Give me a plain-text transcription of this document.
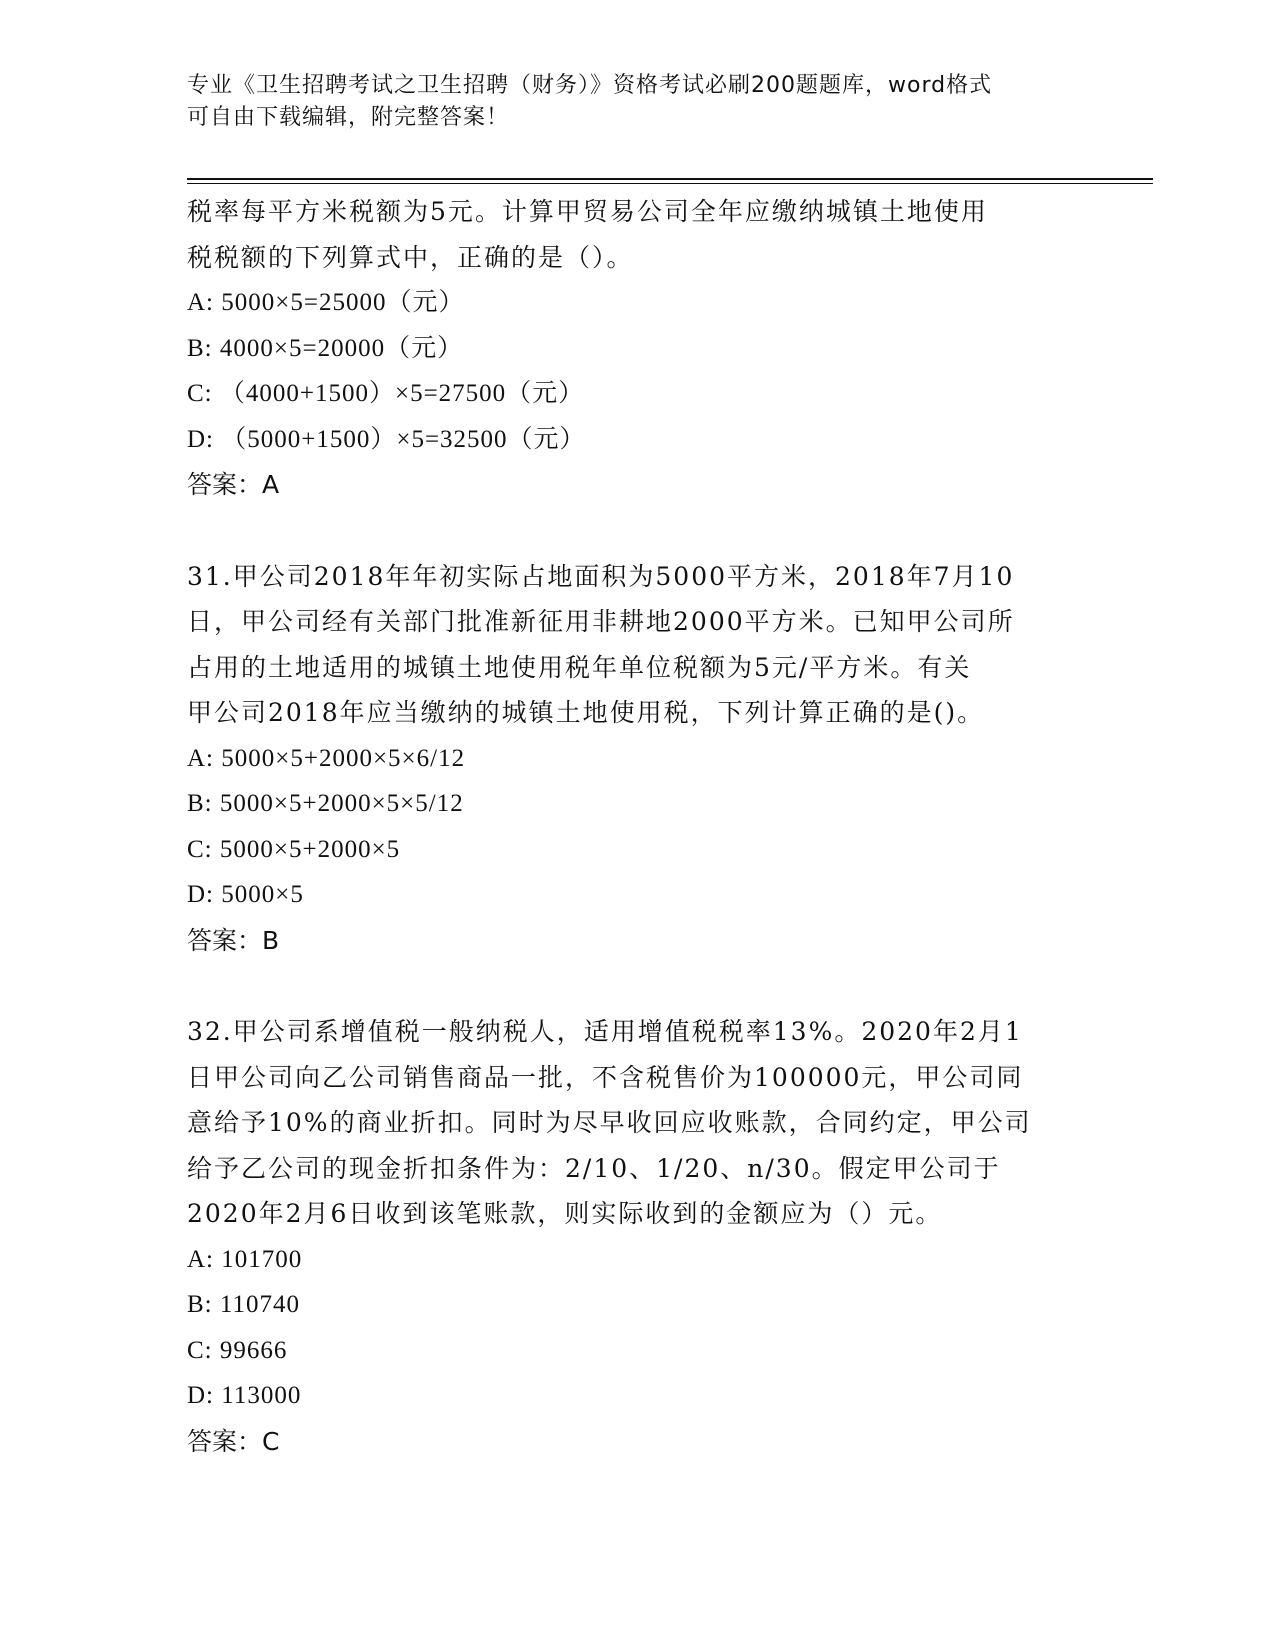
专业《卫生招聘考试之卫生招聘（财务）》资格考试必刷200题题库，word格式
可自由下载编辑，附完整答案！

税率每平方米税额为5元。计算甲贸易公司全年应缴纳城镇土地使用

税税额的下列算式中，正确的是（）。

A: 5000×5=25000（元）

B: 4000×5=20000（元）

C: （4000+1500）×5=27500（元）

D: （5000+1500）×5=32500（元）

答案：A

31.甲公司2018年年初实际占地面积为5000平方米，2018年7月10

日，甲公司经有关部门批准新征用非耕地2000平方米。已知甲公司所

占用的土地适用的城镇土地使用税年单位税额为5元/平方米。有关

甲公司2018年应当缴纳的城镇土地使用税，下列计算正确的是()。

A: 5000×5+2000×5×6/12

B: 5000×5+2000×5×5/12

C: 5000×5+2000×5

D: 5000×5

答案：B

32.甲公司系增值税一般纳税人，适用增值税税率13%。2020年2月1

日甲公司向乙公司销售商品一批，不含税售价为100000元，甲公司同

意给予10%的商业折扣。同时为尽早收回应收账款，合同约定，甲公司

给予乙公司的现金折扣条件为：2/10、1/20、n/30。假定甲公司于

2020年2月6日收到该笔账款，则实际收到的金额应为（）元。

A: 101700

B: 110740

C: 99666

D: 113000

答案：C
